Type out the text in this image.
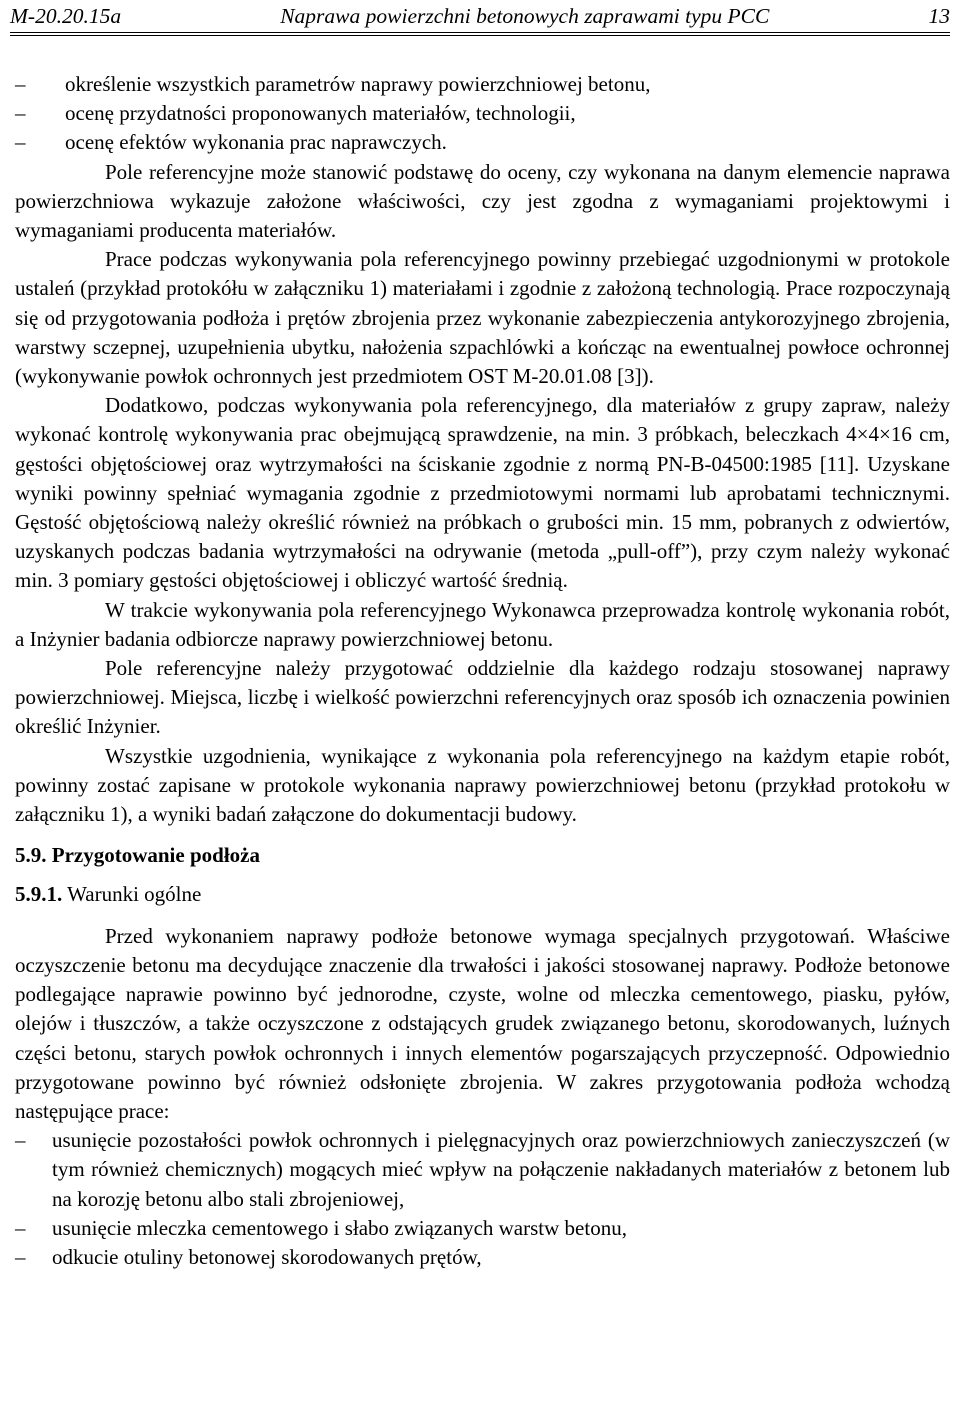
M-20.20.15a	Naprawa powierzchni betonowych zaprawami typu PCC	13
–	określenie wszystkich parametrów naprawy powierzchniowej betonu,
–	ocenę przydatności proponowanych materiałów, technologii,
–	ocenę efektów wykonania prac naprawczych.

Pole referencyjne może stanowić podstawę do oceny, czy wykonana na danym elemencie naprawa powierzchniowa wykazuje założone właściwości, czy jest zgodna z wymaganiami projektowymi i wymaganiami producenta materiałów.

Prace podczas wykonywania pola referencyjnego powinny przebiegać uzgodnionymi w protokole ustaleń (przykład protokółu w załączniku 1) materiałami i zgodnie z założoną technologią. Prace rozpoczynają się od przygotowania podłoża i prętów zbrojenia przez wykonanie zabezpieczenia antykorozyjnego zbrojenia, warstwy sczepnej, uzupełnienia ubytku, nałożenia szpachlówki a kończąc na ewentualnej powłoce ochronnej (wykonywanie powłok ochronnych jest przedmiotem OST M-20.01.08 [3]).

Dodatkowo, podczas wykonywania pola referencyjnego, dla materiałów z grupy zapraw, należy wykonać kontrolę wykonywania prac obejmującą sprawdzenie, na min. 3 próbkach, beleczkach 4×4×16 cm, gęstości objętościowej oraz wytrzymałości na ściskanie zgodnie z normą PN-B-04500:1985 [11]. Uzyskane wyniki powinny spełniać wymagania zgodnie z przedmiotowymi normami lub aprobatami technicznymi. Gęstość objętościową należy określić również na próbkach o grubości min. 15 mm, pobranych z odwiertów, uzyskanych podczas badania wytrzymałości na odrywanie (metoda „pull-off”), przy czym należy wykonać min. 3 pomiary gęstości objętościowej i obliczyć wartość średnią.

W trakcie wykonywania pola referencyjnego Wykonawca przeprowadza kontrolę wykonania robót, a Inżynier badania odbiorcze naprawy powierzchniowej betonu.

Pole referencyjne należy przygotować oddzielnie dla każdego rodzaju stosowanej naprawy powierzchniowej. Miejsca, liczbę i wielkość powierzchni referencyjnych oraz sposób ich oznaczenia powinien określić Inżynier.

Wszystkie uzgodnienia, wynikające z wykonania pola referencyjnego na każdym etapie robót, powinny zostać zapisane w protokole wykonania naprawy powierzchniowej betonu (przykład protokołu w załączniku 1), a wyniki badań załączone do dokumentacji budowy.

5.9. Przygotowanie podłoża
5.9.1. Warunki ogólne

Przed wykonaniem naprawy podłoże betonowe wymaga specjalnych przygotowań. Właściwe oczyszczenie betonu ma decydujące znaczenie dla trwałości i jakości stosowanej naprawy. Podłoże betonowe podlegające naprawie powinno być jednorodne, czyste, wolne od mleczka cementowego, piasku, pyłów, olejów i tłuszczów, a także oczyszczone z odstających grudek związanego betonu, skorodowanych, luźnych części betonu, starych powłok ochronnych i innych elementów pogarszających przyczepność. Odpowiednio przygotowane powinno być również odsłonięte zbrojenia. W zakres przygotowania podłoża wchodzą następujące prace:

–	usunięcie pozostałości powłok ochronnych i pielęgnacyjnych oraz powierzchniowych zanieczyszczeń (w tym również chemicznych) mogących mieć wpływ na połączenie nakładanych materiałów z betonem lub na korozję betonu albo stali zbrojeniowej,
–	usunięcie mleczka cementowego i słabo związanych warstw betonu,
–	odkucie otuliny betonowej skorodowanych prętów,
